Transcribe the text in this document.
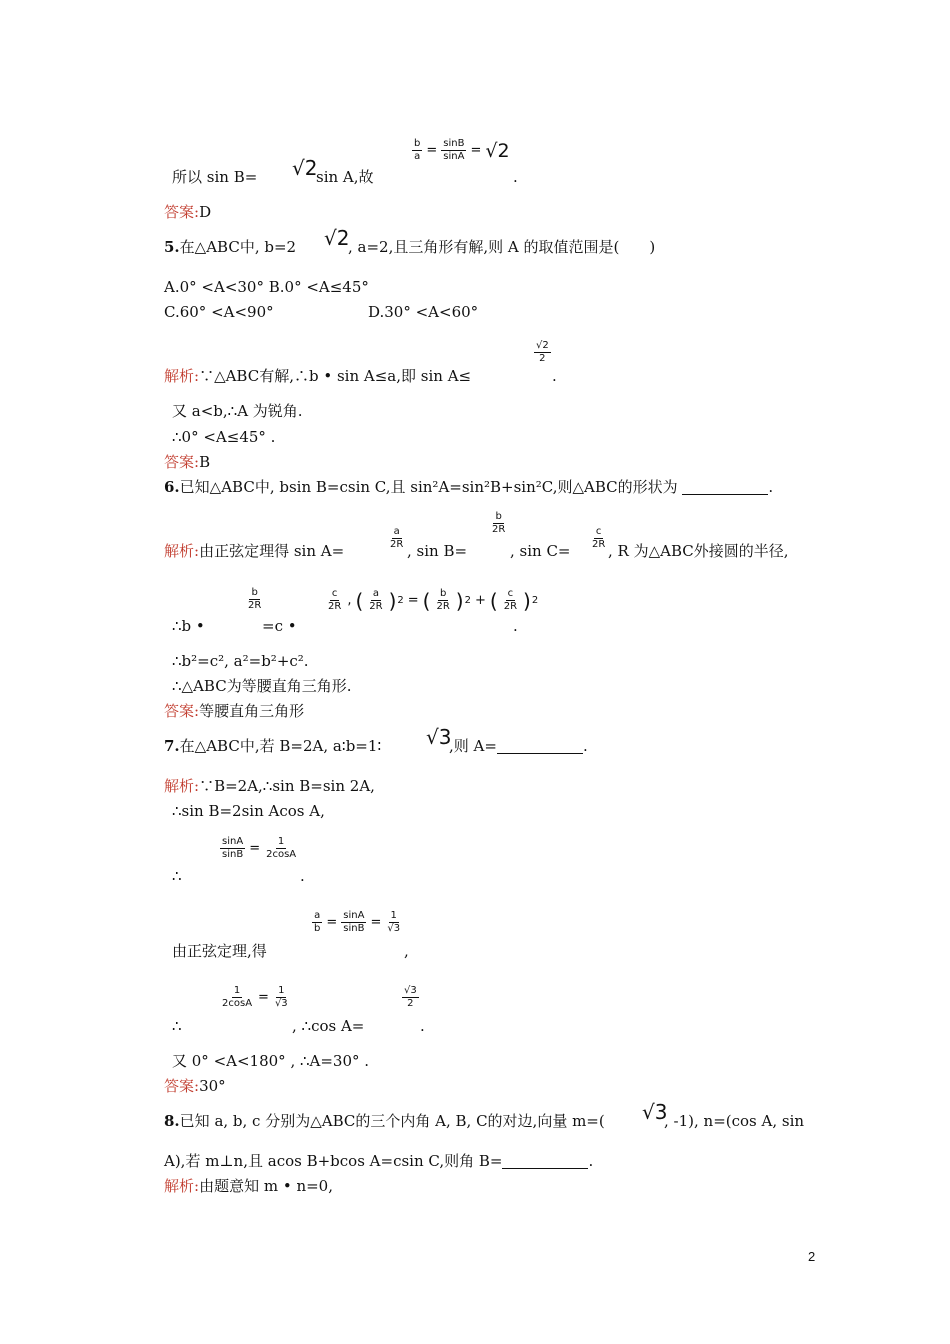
所以 sin B= √2
sin A,故
$\frac{b}{a} = \frac{\sin B}{\sin A} = √2$
.
答案:D
5.在△ABC中, b=2 √2
, a=2,且三角形有解,则 A 的取值范围是(　　)
A.0° <A<30° B.0° <A≤45°
C.60° <A<90°	D.30° <A<60°
解析:∵△ABC有解,∴b • sin A≤a,即 sin A≤
$\frac{√2}{2}$
.
又 a<b,∴A 为锐角.
∴0° <A≤45° .
答案:B
6.已知△ABC中, bsin B=csin C,且 sin²A=sin²B+sin²C,则△ABC的形状为	.
解析:由正弦定理得 sin A=	$\frac{a}{2R}$ , sin B=
$\frac{b}{2R}$
, $\sin C= \frac{c}{2R}$ , R 为△ABC外接圆的半径,
∴b •
$\frac{b}{2R}$
=c •
$\frac{c}{2R}$ , ( $\frac{a}{2R}$ ) 2 = ( $\frac{b}{2R}$ ) 2 + ( $\frac{c}{2R}$ ) 2
.
∴b²=c², a²=b²+c².
∴△ABC为等腰直角三角形.
答案:等腰直角三角形
7.在△ABC中,若 B=2A, a∶b=1∶ √3
,则 A=	.
解析:∵B=2A,∴sin B=sin 2A,
∴sin B=2sin Acos A,
∴
$\frac{\sin A}{\sin B} = \frac{1}{2\cos A}$
.
由正弦定理,得
$\frac{a}{b} = \frac{\sin A}{\sin B} = \frac{1}{√3}$
,
∴
$\frac{1}{2\cos A} = \frac{1}{√3}$
, ∴cos A=
$\frac{√3}{2}$
.
又 0° <A<180° , ∴A=30° .
答案:30°
8.已知 a, b, c 分别为△ABC的三个内角 A, B, C的对边,向量 m=( √3
, -1), n=(cos A, sin
A),若 m⊥n,且 acos B+bcos A=csin C,则角 B=	.
解析:由题意知 m • n=0,
2
